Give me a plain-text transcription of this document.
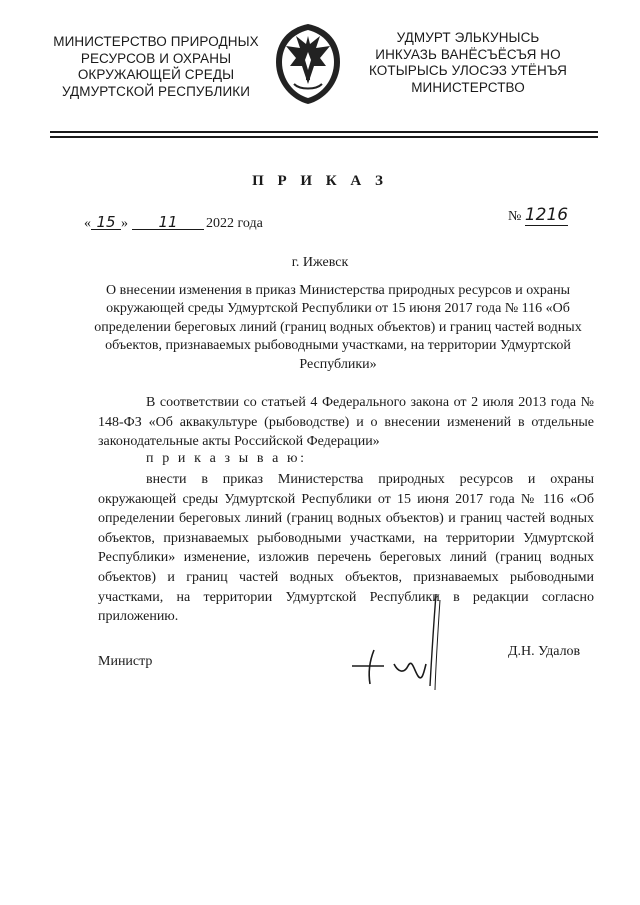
МИНИСТЕРСТВО ПРИРОДНЫХ
РЕСУРСОВ И ОХРАНЫ
ОКРУЖАЮЩЕЙ СРЕДЫ
УДМУРТСКОЙ РЕСПУБЛИКИ
УДМУРТ ЭЛЬКУНЫСЬ
ИНКУАЗЬ ВАНЁСЪЁСЪЯ НО
КОТЫРЫСЬ УЛОСЭЗ УТЁНЪЯ
МИНИСТЕРСТВО
П Р И К А З
« 15 » 11 2022 года	№ 1216
г. Ижевск
О внесении изменения в приказ Министерства природных ресурсов и охраны окружающей среды Удмуртской Республики от 15 июня 2017 года № 116 «Об определении береговых линий (границ водных объектов) и границ частей водных объектов, признаваемых рыбоводными участками, на территории Удмуртской Республики»
В соответствии со статьей 4 Федерального закона от 2 июля 2013 года № 148-ФЗ «Об аквакультуре (рыбоводстве) и о внесении изменений в отдельные законодательные акты Российской Федерации»
п р и к а з ы в а ю:
внести в приказ Министерства природных ресурсов и охраны окружающей среды Удмуртской Республики от 15 июня 2017 года № 116 «Об определении береговых линий (границ водных объектов) и границ частей водных объектов, признаваемых рыбоводными участками, на территории Удмуртской Республики» изменение, изложив перечень береговых линий (границ водных объектов) и границ частей водных объектов, признаваемых рыбоводными участками, на территории Удмуртской Республики в редакции согласно приложению.
Министр
Д.Н. Удалов
